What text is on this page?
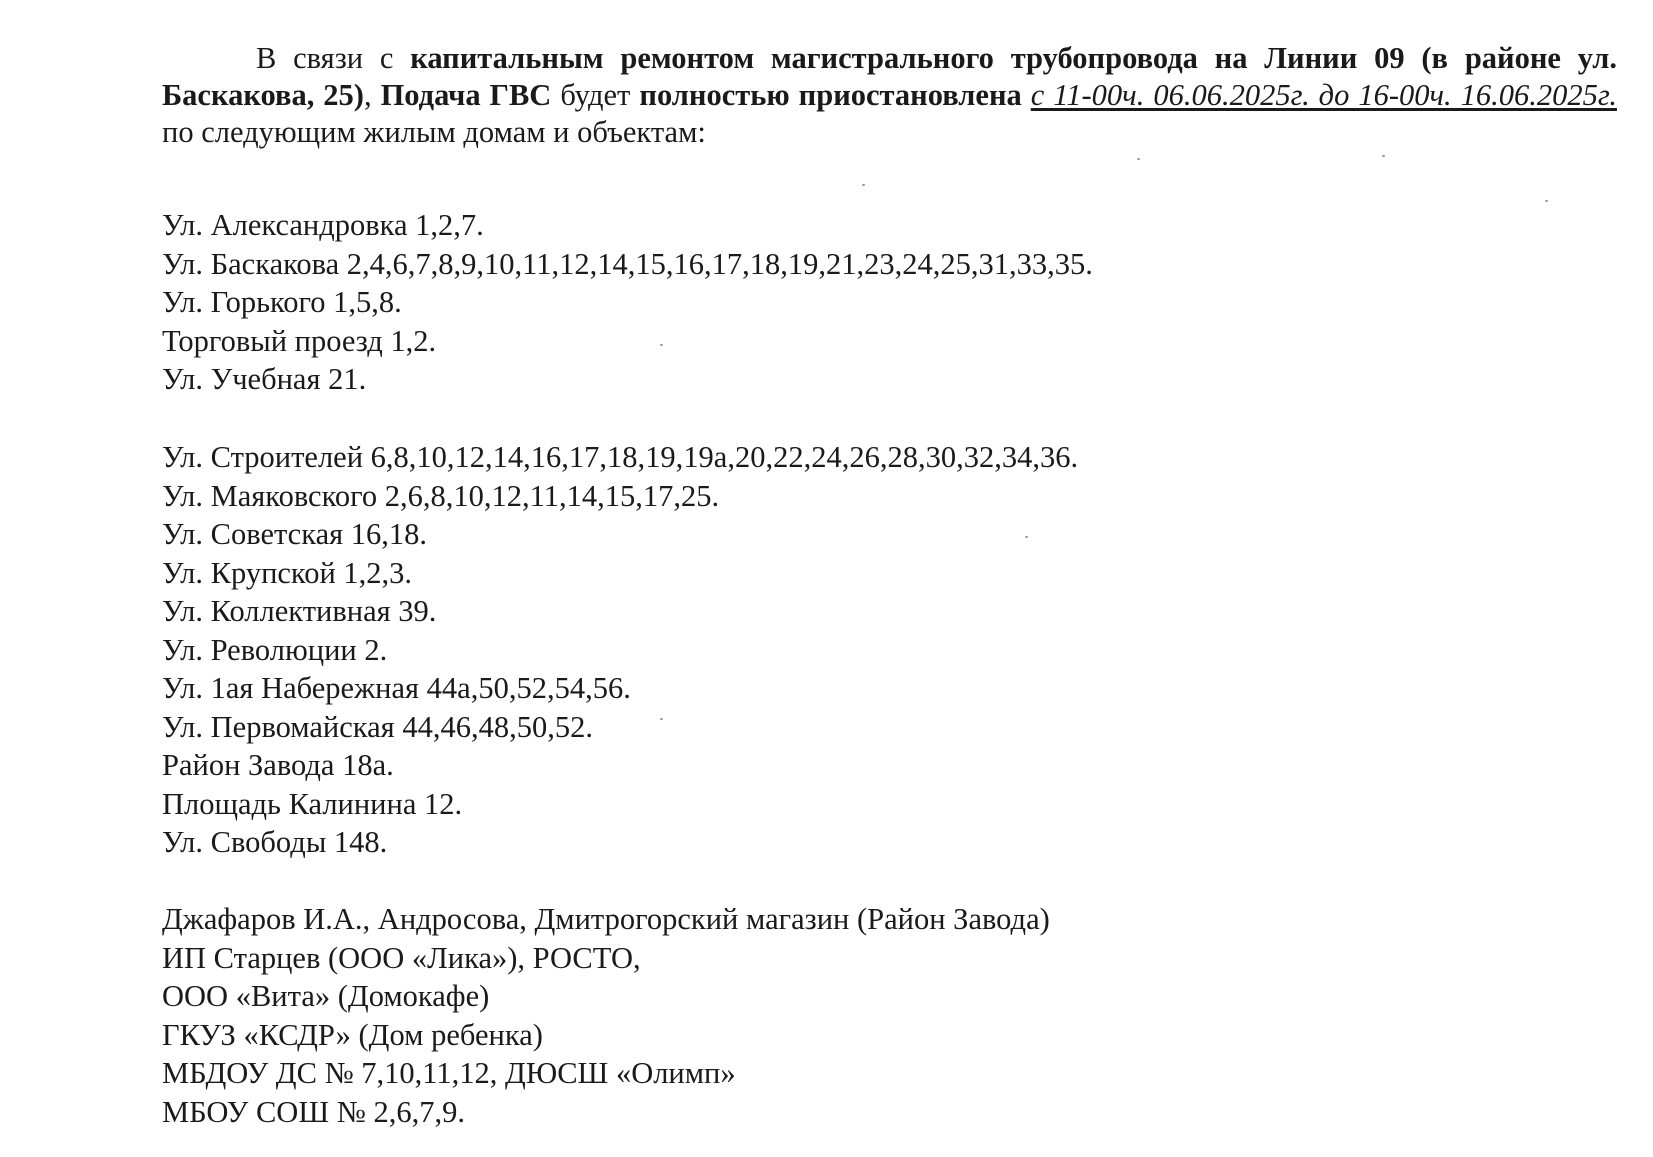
В связи с капитальным ремонтом магистрального трубопровода на Линии 09 (в районе ул. Баскакова, 25), Подача ГВС будет полностью приостановлена с 11-00ч. 06.06.2025г. до 16-00ч. 16.06.2025г. по следующим жилым домам и объектам:

Ул. Александровка 1,2,7.
Ул. Баскакова 2,4,6,7,8,9,10,11,12,14,15,16,17,18,19,21,23,24,25,31,33,35.
Ул. Горького 1,5,8.
Торговый проезд 1,2.
Ул. Учебная 21.
Ул. Строителей 6,8,10,12,14,16,17,18,19,19а,20,22,24,26,28,30,32,34,36.
Ул. Маяковского 2,6,8,10,12,11,14,15,17,25.
Ул. Советская 16,18.
Ул. Крупской 1,2,3.
Ул. Коллективная 39.
Ул. Революции 2.
Ул. 1ая Набережная 44а,50,52,54,56.
Ул. Первомайская 44,46,48,50,52.
Район Завода 18а.
Площадь Калинина 12.
Ул. Свободы 148.
Джафаров И.А., Андросова, Дмитрогорский магазин (Район Завода)
ИП Старцев (ООО «Лика»), РОСТО,
ООО «Вита» (Домокафе)
ГКУЗ «КСДР» (Дом ребенка)
МБДОУ ДС № 7,10,11,12, ДЮСШ «Олимп»
МБОУ СОШ № 2,6,7,9.
